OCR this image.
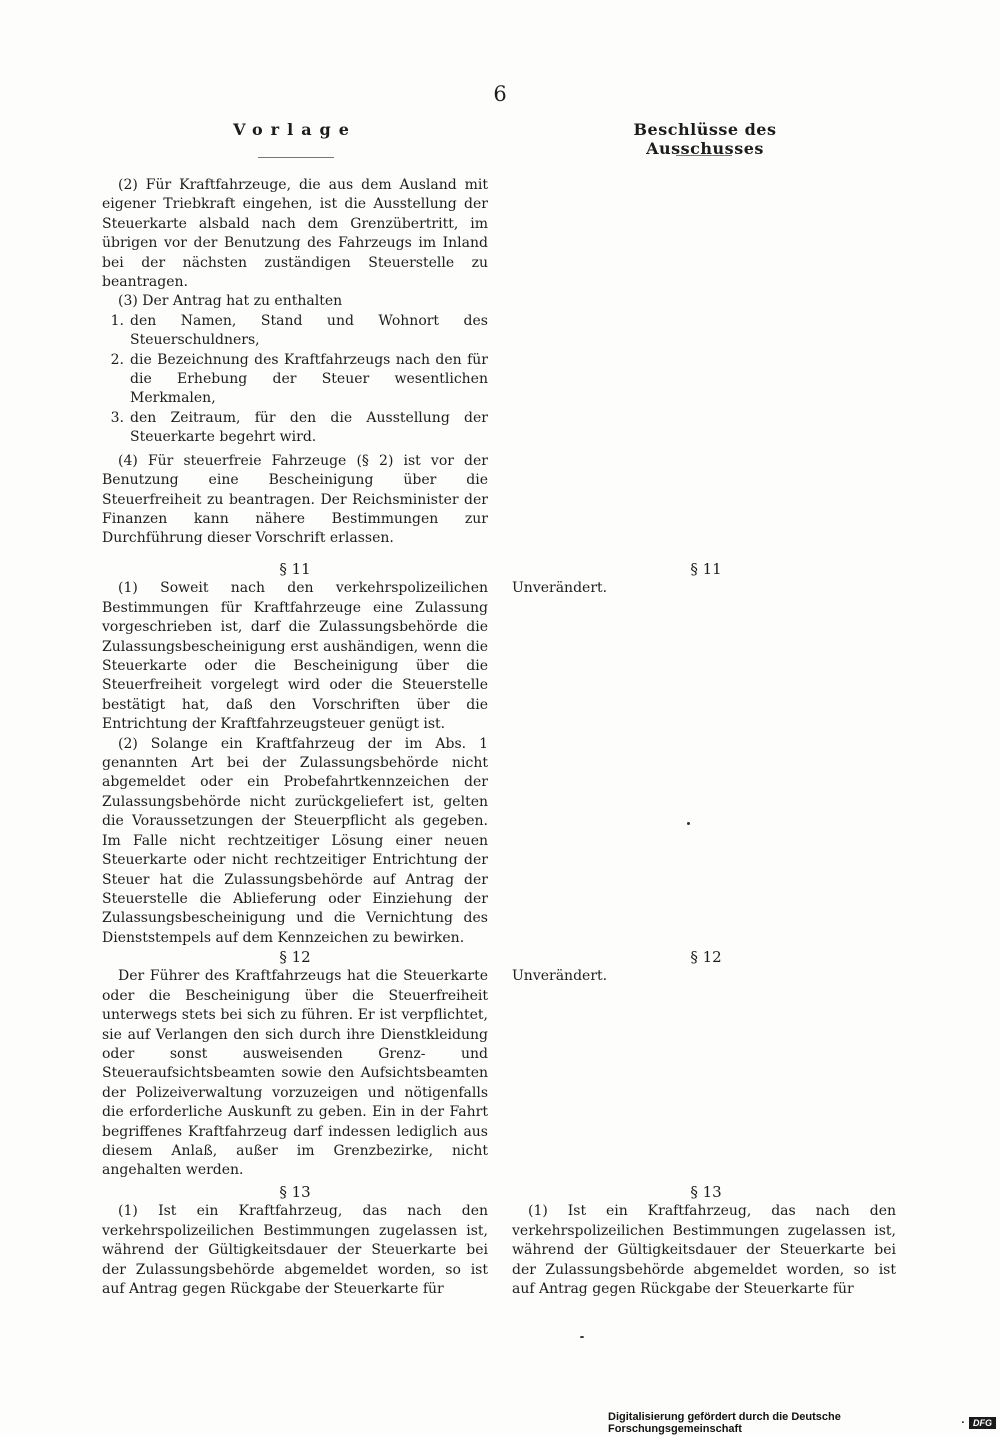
6
Vorlage	Beschlüsse des Ausschusses

(2) Für Kraftfahrzeuge, die aus dem Ausland mit eigener Triebkraft eingehen, ist die Ausstellung der Steuerkarte alsbald nach dem Grenzübertritt, im übrigen vor der Benutzung des Fahrzeugs im Inland bei der nächsten zuständigen Steuerstelle zu beantragen.

(3) Der Antrag hat zu enthalten

1. den Namen, Stand und Wohnort des Steuerschuldners,
2. die Bezeichnung des Kraftfahrzeugs nach den für die Erhebung der Steuer wesentlichen Merkmalen,
3. den Zeitraum, für den die Ausstellung der Steuerkarte begehrt wird.

(4) Für steuerfreie Fahrzeuge (§ 2) ist vor der Benutzung eine Bescheinigung über die Steuerfreiheit zu beantragen. Der Reichsminister der Finanzen kann nähere Bestimmungen zur Durchführung dieser Vorschrift erlassen.

§ 11

(1) Soweit nach den verkehrspolizeilichen Bestimmungen für Kraftfahrzeuge eine Zulassung vorgeschrieben ist, darf die Zulassungsbehörde die Zulassungsbescheinigung erst aushändigen, wenn die Steuerkarte oder die Bescheinigung über die Steuerfreiheit vorgelegt wird oder die Steuerstelle bestätigt hat, daß den Vorschriften über die Entrichtung der Kraftfahrzeugsteuer genügt ist.

(2) Solange ein Kraftfahrzeug der im Abs. 1 genannten Art bei der Zulassungsbehörde nicht abgemeldet oder ein Probefahrtkennzeichen der Zulassungsbehörde nicht zurückgeliefert ist, gelten die Voraussetzungen der Steuerpflicht als gegeben. Im Falle nicht rechtzeitiger Lösung einer neuen Steuerkarte oder nicht rechtzeitiger Entrichtung der Steuer hat die Zulassungsbehörde auf Antrag der Steuerstelle die Ablieferung oder Einziehung der Zulassungsbescheinigung und die Vernichtung des Dienststempels auf dem Kennzeichen zu bewirken.

§ 12

Der Führer des Kraftfahrzeugs hat die Steuerkarte oder die Bescheinigung über die Steuerfreiheit unterwegs stets bei sich zu führen. Er ist verpflichtet, sie auf Verlangen den sich durch ihre Dienstkleidung oder sonst ausweisenden Grenz- und Steueraufsichtsbeamten sowie den Aufsichtsbeamten der Polizeiverwaltung vorzuzeigen und nötigenfalls die erforderliche Auskunft zu geben. Ein in der Fahrt begriffenes Kraftfahrzeug darf indessen lediglich aus diesem Anlaß, außer im Grenzbezirke, nicht angehalten werden.

§ 13

(1) Ist ein Kraftfahrzeug, das nach den verkehrspolizeilichen Bestimmungen zugelassen ist, während der Gültigkeitsdauer der Steuerkarte bei der Zulassungsbehörde abgemeldet worden, so ist auf Antrag gegen Rückgabe der Steuerkarte für

§ 11

Unverändert.

§ 12

Unverändert.

§ 13

(1) Ist ein Kraftfahrzeug, das nach den verkehrspolizeilichen Bestimmungen zugelassen ist, während der Gültigkeitsdauer der Steuerkarte bei der Zulassungsbehörde abgemeldet worden, so ist auf Antrag gegen Rückgabe der Steuerkarte für

Digitalisierung gefördert durch die Deutsche Forschungsgemeinschaft	· DFG
